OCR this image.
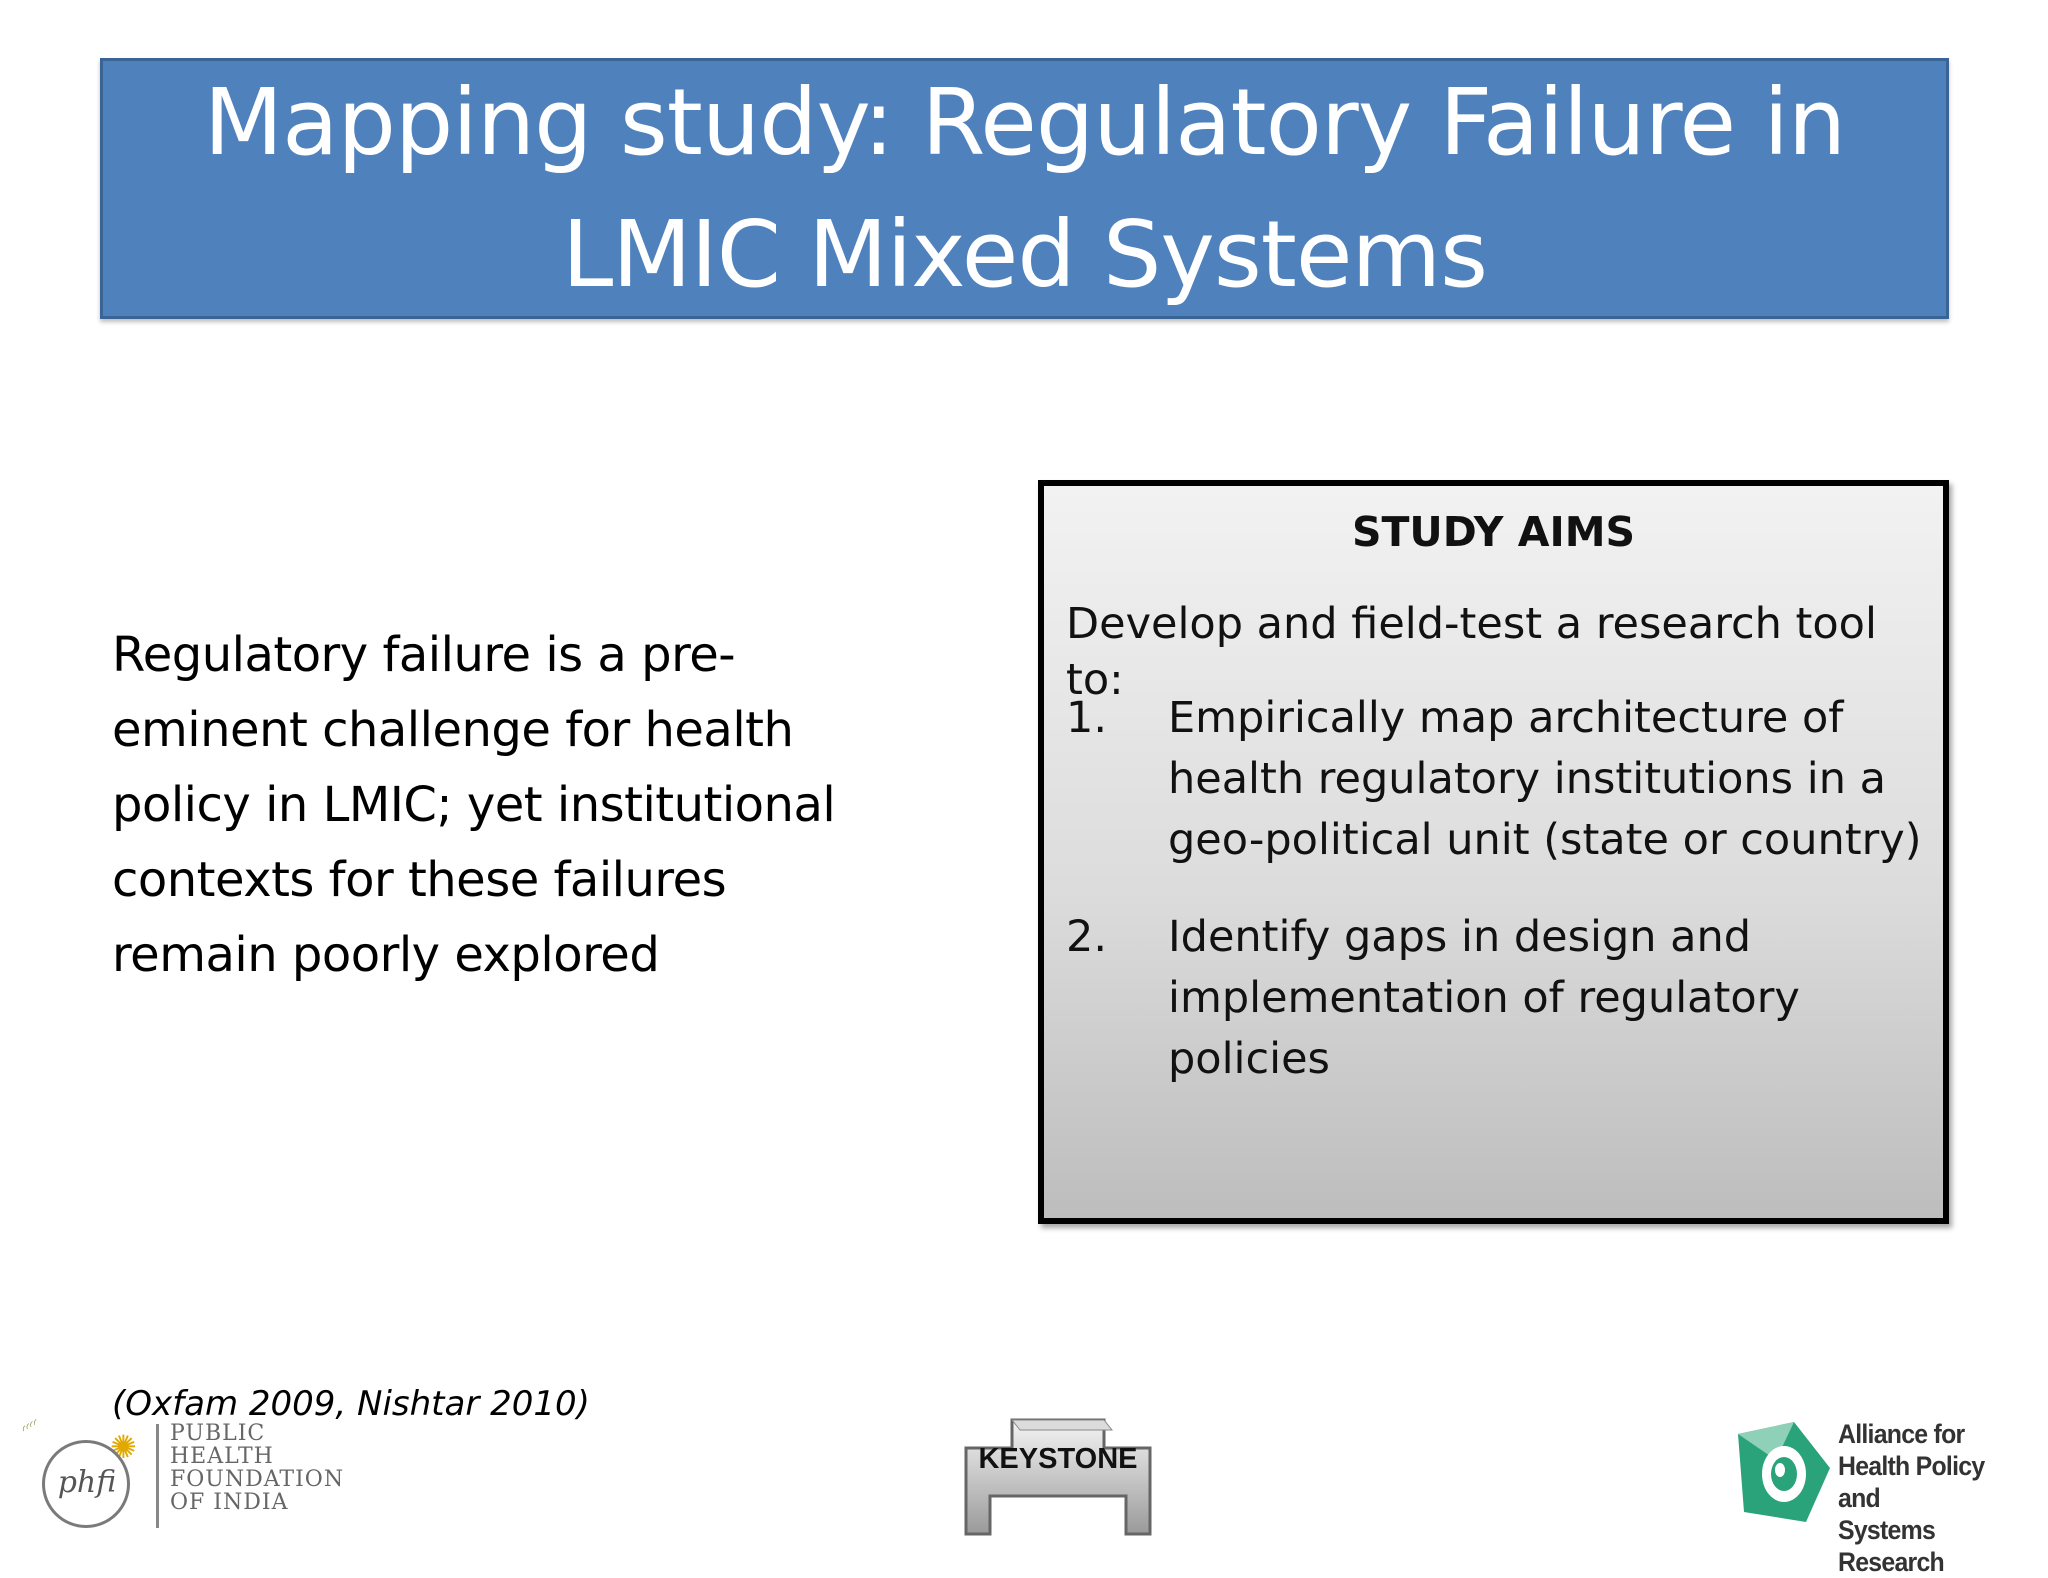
Mapping study: Regulatory Failure in
LMIC Mixed Systems
Regulatory failure is a pre-
eminent challenge for health
policy in LMIC; yet institutional
contexts for these failures
remain poorly explored
STUDY AIMS
Develop and field-test a research tool to:
1.	Empirically map architecture of
health regulatory institutions in a
geo-political unit (state or country)
2.	Identify gaps in design and
implementation of regulatory
policies
(Oxfam 2009, Nishtar 2010)
◜◜◜◜
✺
phfi
PUBLIC
HEALTH
FOUNDATION
OF INDIA
KEYSTONE
Alliance for
Health Policy and
Systems Research
